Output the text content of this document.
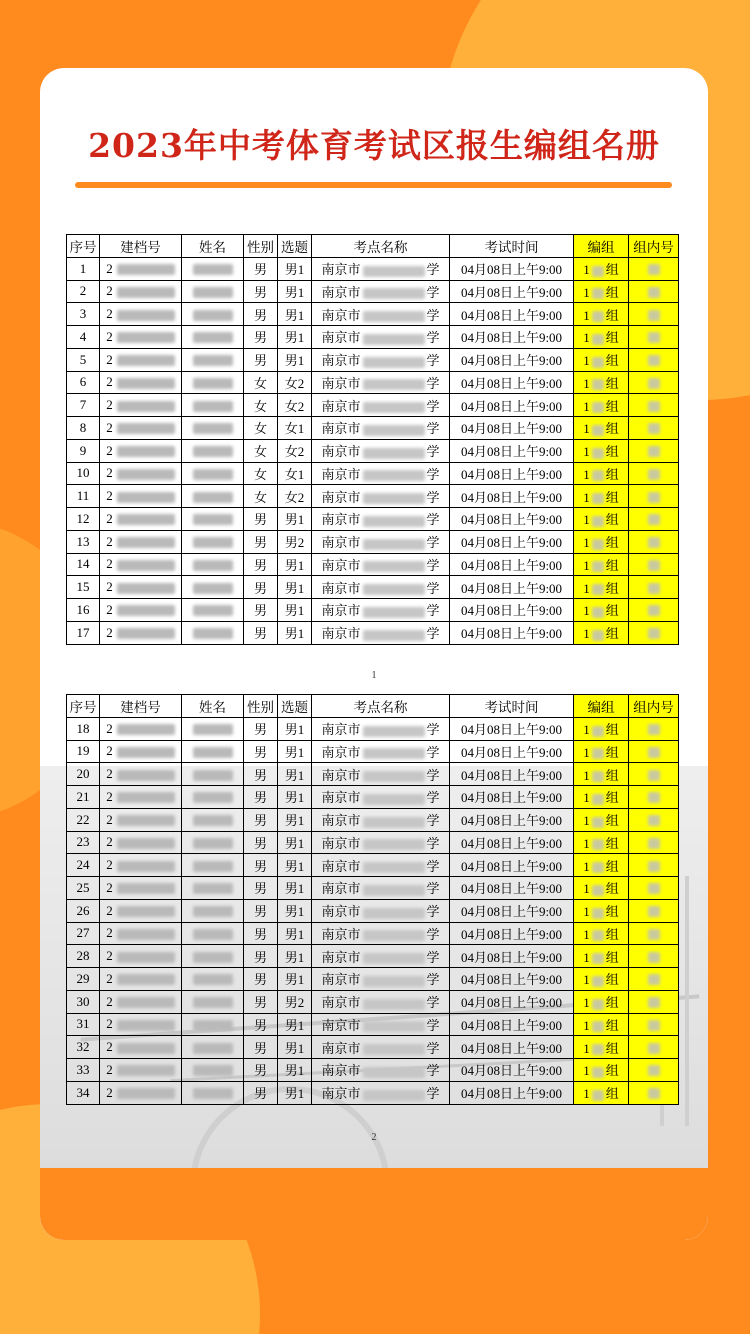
2023年中考体育考试区报生编组名册
序号	建档号	姓名	性别	选题	考点名称	考试时间	编组	组内号
1	2		男	男1	南京市 学	04月08日上午9:00	1 组	
2	2		男	男1	南京市 学	04月08日上午9:00	1 组	
3	2		男	男1	南京市 学	04月08日上午9:00	1 组	
4	2		男	男1	南京市 学	04月08日上午9:00	1 组	
5	2		男	男1	南京市 学	04月08日上午9:00	1 组	
6	2		女	女2	南京市 学	04月08日上午9:00	1 组	
7	2		女	女2	南京市 学	04月08日上午9:00	1 组	
8	2		女	女1	南京市 学	04月08日上午9:00	1 组	
9	2		女	女2	南京市 学	04月08日上午9:00	1 组	
10	2		女	女1	南京市 学	04月08日上午9:00	1 组	
11	2		女	女2	南京市 学	04月08日上午9:00	1 组	
12	2		男	男1	南京市 学	04月08日上午9:00	1 组	
13	2		男	男2	南京市 学	04月08日上午9:00	1 组	
14	2		男	男1	南京市 学	04月08日上午9:00	1 组	
15	2		男	男1	南京市 学	04月08日上午9:00	1 组	
16	2		男	男1	南京市 学	04月08日上午9:00	1 组	
17	2		男	男1	南京市 学	04月08日上午9:00	1 组	
1
序号	建档号	姓名	性别	选题	考点名称	考试时间	编组	组内号
18	2		男	男1	南京市 学	04月08日上午9:00	1 组	
19	2		男	男1	南京市 学	04月08日上午9:00	1 组	
20	2		男	男1	南京市 学	04月08日上午9:00	1 组	
21	2		男	男1	南京市 学	04月08日上午9:00	1 组	
22	2		男	男1	南京市 学	04月08日上午9:00	1 组	
23	2		男	男1	南京市 学	04月08日上午9:00	1 组	
24	2		男	男1	南京市 学	04月08日上午9:00	1 组	
25	2		男	男1	南京市 学	04月08日上午9:00	1 组	
26	2		男	男1	南京市 学	04月08日上午9:00	1 组	
27	2		男	男1	南京市 学	04月08日上午9:00	1 组	
28	2		男	男1	南京市 学	04月08日上午9:00	1 组	
29	2		男	男1	南京市 学	04月08日上午9:00	1 组	
30	2		男	男2	南京市 学	04月08日上午9:00	1 组	
31	2		男	男1	南京市 学	04月08日上午9:00	1 组	
32	2		男	男1	南京市 学	04月08日上午9:00	1 组	
33	2		男	男1	南京市 学	04月08日上午9:00	1 组	
34	2		男	男1	南京市 学	04月08日上午9:00	1 组	
2
